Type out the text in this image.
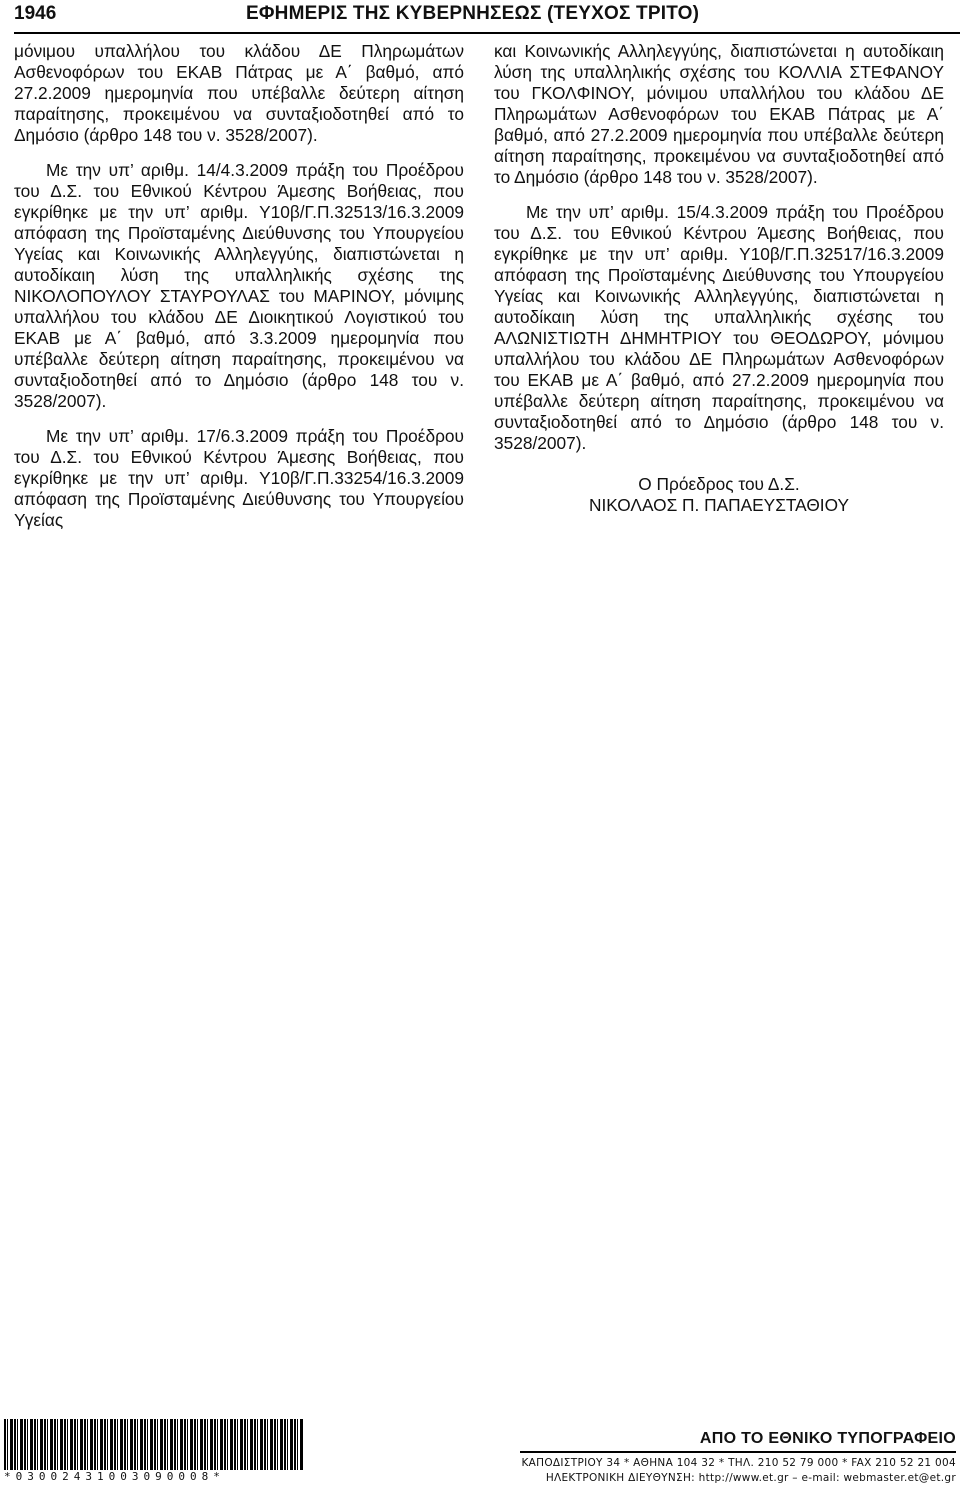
1946	ΕΦΗΜΕΡΙΣ ΤΗΣ ΚΥΒΕΡΝΗΣΕΩΣ (ΤΕΥΧΟΣ ΤΡΙΤΟ)

μόνιμου υπαλλήλου του κλάδου ΔΕ Πληρωμάτων Ασθενοφόρων του ΕΚΑΒ Πάτρας με Α΄ βαθμό, από 27.2.2009 ημερομηνία που υπέβαλλε δεύτερη αίτηση παραίτησης, προκειμένου να συνταξιοδοτηθεί από το Δημόσιο (άρθρο 148 του ν. 3528/2007).

Με την υπ’ αριθμ. 14/4.3.2009 πράξη του Προέδρου του Δ.Σ. του Εθνικού Κέντρου Άμεσης Βοήθειας, που εγκρίθηκε με την υπ’ αριθμ. Υ10β/Γ.Π.32513/16.3.2009 απόφαση της Προϊσταμένης Διεύθυνσης του Υπουργείου Υγείας και Κοινωνικής Αλληλεγγύης, διαπιστώνεται η αυτοδίκαιη λύση της υπαλληλικής σχέσης της ΝΙΚΟΛΟΠΟΥΛΟΥ ΣΤΑΥΡΟΥΛΑΣ του ΜΑΡΙΝΟΥ, μόνιμης υπαλλήλου του κλάδου ΔΕ Διοικητικού Λογιστικού του ΕΚΑΒ με Α΄ βαθμό, από 3.3.2009 ημερομηνία που υπέβαλλε δεύτερη αίτηση παραίτησης, προκειμένου να συνταξιοδοτηθεί από το Δημόσιο (άρθρο 148 του ν. 3528/2007).

Με την υπ’ αριθμ. 17/6.3.2009 πράξη του Προέδρου του Δ.Σ. του Εθνικού Κέντρου Άμεσης Βοήθειας, που εγκρίθηκε με την υπ’ αριθμ. Υ10β/Γ.Π.33254/16.3.2009 απόφαση της Προϊσταμένης Διεύθυνσης του Υπουργείου Υγείας

και Κοινωνικής Αλληλεγγύης, διαπιστώνεται η αυτοδίκαιη λύση της υπαλληλικής σχέσης του ΚΟΛΛΙΑ ΣΤΕΦΑΝΟΥ του ΓΚΟΛΦΙΝΟΥ, μόνιμου υπαλλήλου του κλάδου ΔΕ Πληρωμάτων Ασθενοφόρων του ΕΚΑΒ Πάτρας με Α΄ βαθμό, από 27.2.2009 ημερομηνία που υπέβαλλε δεύτερη αίτηση παραίτησης, προκειμένου να συνταξιοδοτηθεί από το Δημόσιο (άρθρο 148 του ν. 3528/2007).

Με την υπ’ αριθμ. 15/4.3.2009 πράξη του Προέδρου του Δ.Σ. του Εθνικού Κέντρου Άμεσης Βοήθειας, που εγκρίθηκε με την υπ’ αριθμ. Υ10β/Γ.Π.32517/16.3.2009 απόφαση της Προϊσταμένης Διεύθυνσης του Υπουργείου Υγείας και Κοινωνικής Αλληλεγγύης, διαπιστώνεται η αυτοδίκαιη λύση της υπαλληλικής σχέσης του ΑΛΩΝΙΣΤΙΩΤΗ ΔΗΜΗΤΡΙΟΥ του ΘΕΟΔΩΡΟΥ, μόνιμου υπαλλήλου του κλάδου ΔΕ Πληρωμάτων Ασθενοφόρων του ΕΚΑΒ με Α΄ βαθμό, από 27.2.2009 ημερομηνία που υπέβαλλε δεύτερη αίτηση παραίτησης, προκειμένου να συνταξιοδοτηθεί από το Δημόσιο (άρθρο 148 του ν. 3528/2007).

Ο Πρόεδρος του Δ.Σ.
ΝΙΚΟΛΑΟΣ Π. ΠΑΠΑΕΥΣΤΑΘΙΟΥ
*03002431003090008*
ΑΠΟ ΤΟ ΕΘΝΙΚΟ ΤΥΠΟΓΡΑΦΕΙΟ
ΚΑΠΟΔΙΣΤΡΙΟΥ 34 * ΑΘΗΝΑ 104 32 * ΤΗΛ. 210 52 79 000 * FAX 210 52 21 004
ΗΛΕΚΤΡΟΝΙΚΗ ΔΙΕΥΘΥΝΣΗ: http://www.et.gr – e-mail: webmaster.et@et.gr
